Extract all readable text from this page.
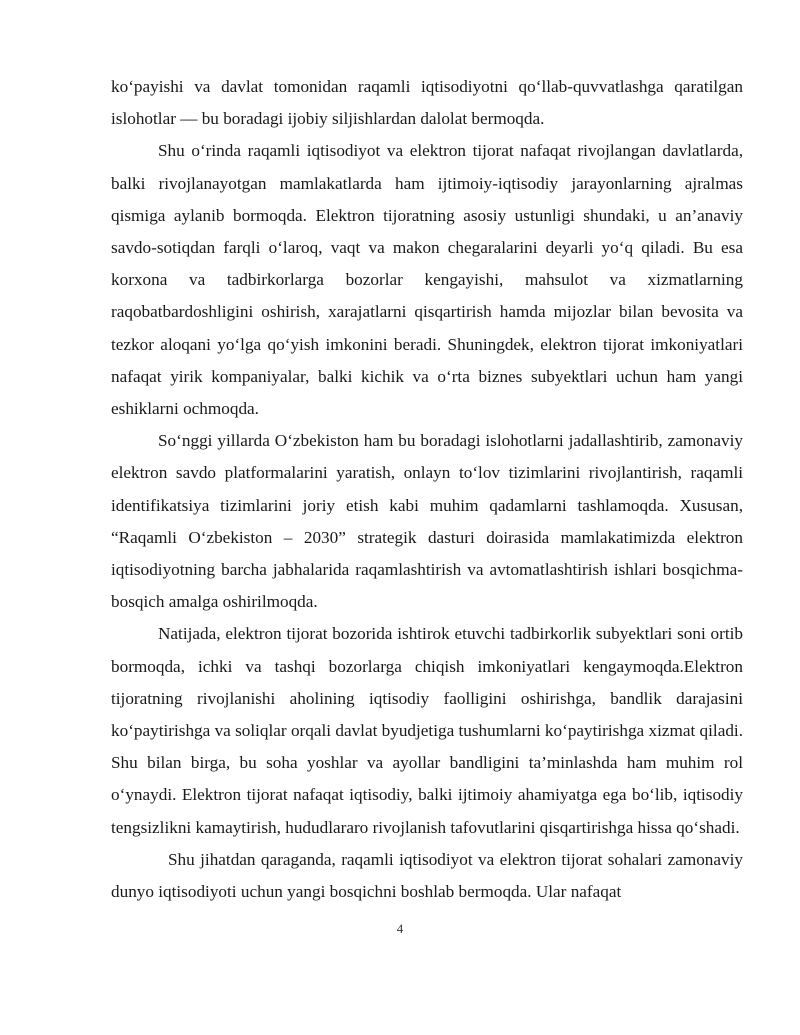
ko‘payishi va davlat tomonidan raqamli iqtisodiyotni qo‘llab-quvvatlashga qaratilgan islohotlar — bu boradagi ijobiy siljishlardan dalolat bermoqda.

Shu o‘rinda raqamli iqtisodiyot va elektron tijorat nafaqat rivojlangan davlatlarda, balki rivojlanayotgan mamlakatlarda ham ijtimoiy-iqtisodiy jarayonlarning ajralmas qismiga aylanib bormoqda. Elektron tijoratning asosiy ustunligi shundaki, u an’anaviy savdo-sotiqdan farqli o‘laroq, vaqt va makon chegaralarini deyarli yo‘q qiladi. Bu esa korxona va tadbirkorlarga bozorlar kengayishi, mahsulot va xizmatlarning raqobatbardoshligini oshirish, xarajatlarni qisqartirish hamda mijozlar bilan bevosita va tezkor aloqani yo‘lga qo‘yish imkonini beradi. Shuningdek, elektron tijorat imkoniyatlari nafaqat yirik kompaniyalar, balki kichik va o‘rta biznes subyektlari uchun ham yangi eshiklarni ochmoqda.

So‘nggi yillarda O‘zbekiston ham bu boradagi islohotlarni jadallashtirib, zamonaviy elektron savdo platformalarini yaratish, onlayn to‘lov tizimlarini rivojlantirish, raqamli identifikatsiya tizimlarini joriy etish kabi muhim qadamlarni tashlamoqda. Xususan, “Raqamli O‘zbekiston – 2030” strategik dasturi doirasida mamlakatimizda elektron iqtisodiyotning barcha jabhalarida raqamlashtirish va avtomatlashtirish ishlari bosqichma-bosqich amalga oshirilmoqda.

Natijada, elektron tijorat bozorida ishtirok etuvchi tadbirkorlik subyektlari soni ortib bormoqda, ichki va tashqi bozorlarga chiqish imkoniyatlari kengaymoqda.Elektron tijoratning rivojlanishi aholining iqtisodiy faolligini oshirishga, bandlik darajasini ko‘paytirishga va soliqlar orqali davlat byudjetiga tushumlarni ko‘paytirishga xizmat qiladi. Shu bilan birga, bu soha yoshlar va ayollar bandligini ta’minlashda ham muhim rol o‘ynaydi. Elektron tijorat nafaqat iqtisodiy, balki ijtimoiy ahamiyatga ega bo‘lib, iqtisodiy tengsizlikni kamaytirish, hududlararo rivojlanish tafovutlarini qisqartirishga hissa qo‘shadi.

Shu jihatdan qaraganda, raqamli iqtisodiyot va elektron tijorat sohalari zamonaviy dunyo iqtisodiyoti uchun yangi bosqichni boshlab bermoqda. Ular nafaqat

4
